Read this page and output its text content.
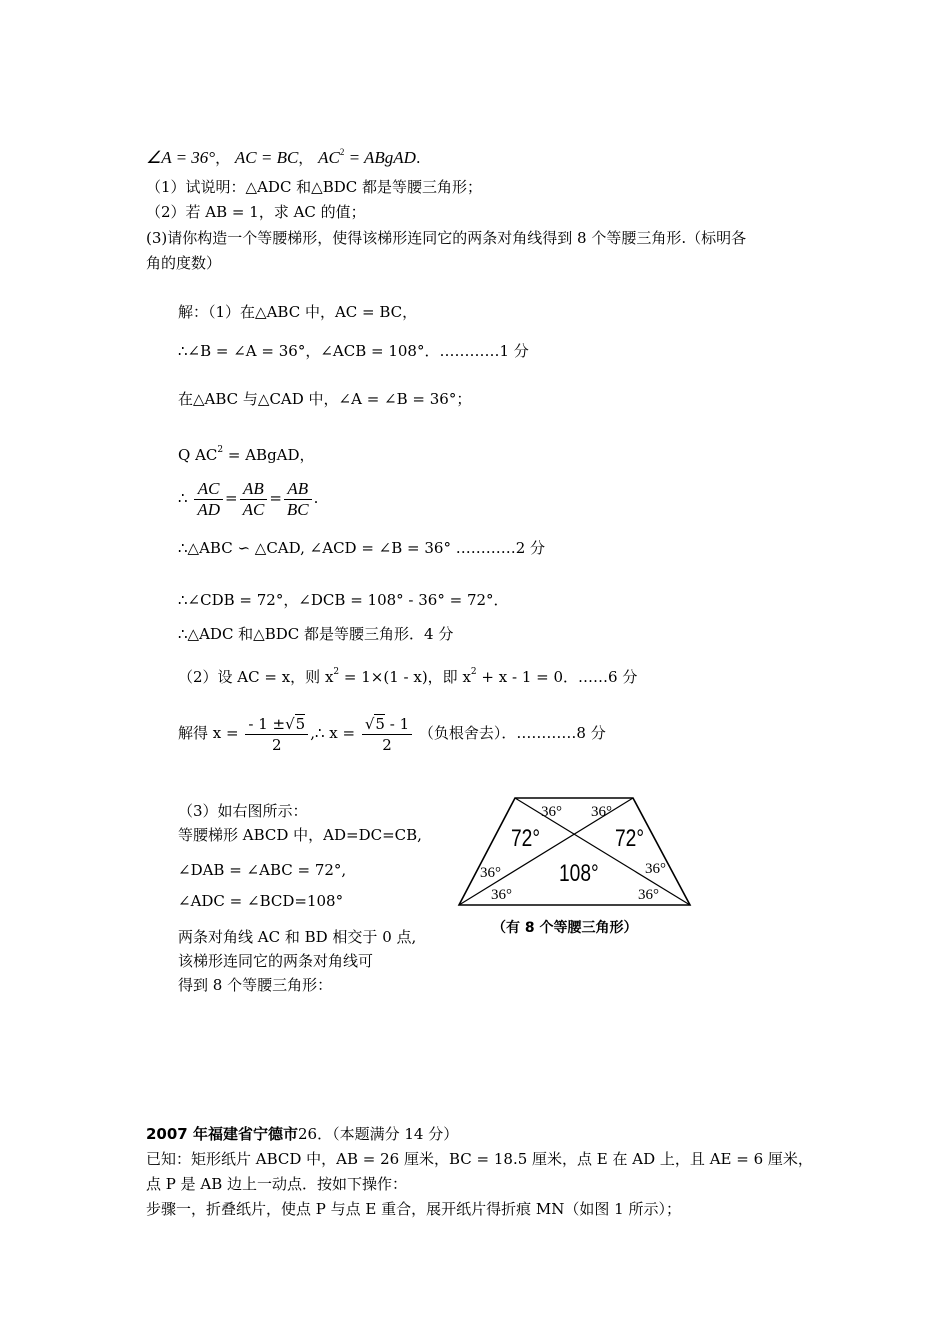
∠A = 36°， AC = BC， $AC^2$ = ABgAD.
（1）试说明：△ADC 和△BDC 都是等腰三角形；
（2）若 AB = 1，求 AC 的值；
(3)请你构造一个等腰梯形，使得该梯形连同它的两条对角线得到 8 个等腰三角形.（标明各
角的度数）
解：（1）在△ABC 中，AC = BC，
∴∠B = ∠A = 36°，∠ACB = 108°．…………1 分
在△ABC 与△CAD 中，∠A = ∠B = 36°；
Q $AC^2$ = ABgAD，
∴ $\frac{AC}{AD} = \frac{AB}{AC} = \frac{AB}{BC}$ .
∴△ABC ∽ △CAD, ∠ACD = ∠B = 36° …………2 分
∴∠CDB = 72°，∠DCB = 108° - 36° = 72°．
∴△ADC 和△BDC 都是等腰三角形．4 分
（2）设 AC = x，则 $x^2 = 1\times(1 - x)$，即 $x^2 + x - 1 = 0$．……6 分
解得 $x = \frac{- 1 \pm√5}{2}$ ,∴ $x = \frac{√5 - 1}{2}$ （负根舍去）．…………8 分
（3）如右图所示：
等腰梯形 ABCD 中，AD=DC=CB,
∠DAB = ∠ABC = 72°,
∠ADC = ∠BCD=108°
两条对角线 AC 和 BD 相交于 0 点,
该梯形连同它的两条对角线可
得到 8 个等腰三角形：
36° 36°
72°	72°
108°
36°
36°
36°
36°
（有 8 个等腰三角形）
2007 年福建省宁德市26．（本题满分 14 分）
已知：矩形纸片 ABCD 中，AB = 26 厘米，BC = 18.5 厘米，点 E 在 AD 上，且 AE = 6 厘米，
点 P 是 AB 边上一动点．按如下操作：
步骤一，折叠纸片，使点 P 与点 E 重合，展开纸片得折痕 MN（如图 1 所示）；
